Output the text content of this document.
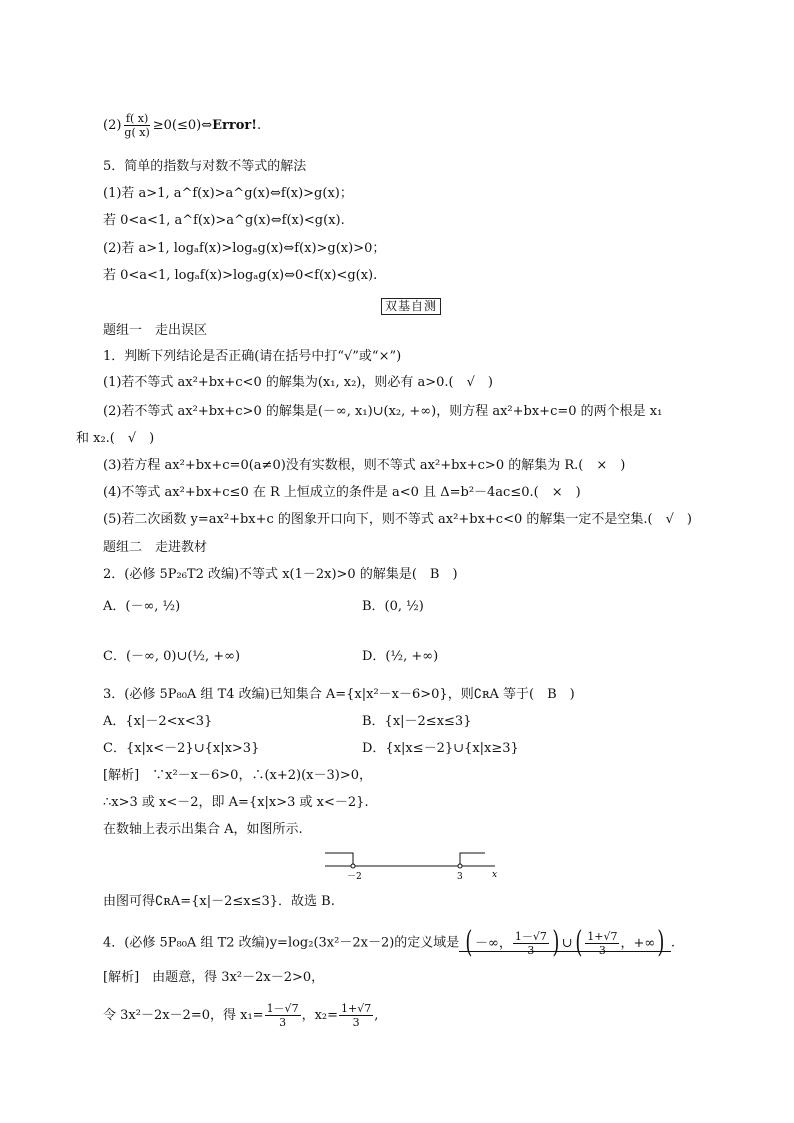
$(2) \frac{f( x)}{g( x)}$ ≥0(≤0)⇔Error!.
5．简单的指数与对数不等式的解法
(1)若 a>1, a^f(x)>a^g(x)⇔f(x)>g(x)；
若 0<a<1, a^f(x)>a^g(x)⇔f(x)<g(x).
(2)若 a>1, logₐf(x)>logₐg(x)⇔f(x)>g(x)>0；
若 0<a<1, logₐf(x)>logₐg(x)⇔0<f(x)<g(x).
双基自测
题组一　走出误区
1．判断下列结论是否正确(请在括号中打“√”或“×”)
(1)若不等式 ax²+bx+c<0 的解集为(x₁, x₂)，则必有 a>0.(　√　)
(2)若不等式 ax²+bx+c>0 的解集是(－∞, x₁)∪(x₂, +∞)，则方程 ax²+bx+c=0 的两个根是 x₁
和 x₂.(　√　)
(3)若方程 ax²+bx+c=0(a≠0)没有实数根，则不等式 ax²+bx+c>0 的解集为 R.(　×　)
(4)不等式 ax²+bx+c≤0 在 R 上恒成立的条件是 a<0 且 Δ=b²－4ac≤0.(　×　)
(5)若二次函数 y=ax²+bx+c 的图象开口向下，则不等式 ax²+bx+c<0 的解集一定不是空集.(　√　)
题组二　走进教材
2．(必修 5P₂₆T2 改编)不等式 x(1－2x)>0 的解集是(　B　)
A．(－∞, ½)	B．(0, ½)
C．(－∞, 0)∪(½, +∞)	D．(½, +∞)
3．(必修 5P₈₀A 组 T4 改编)已知集合 A={x|x²－x－6>0}，则∁ʀA 等于(　B　)
A．{x|－2<x<3}	B．{x|－2≤x≤3}
C．{x|x<－2}∪{x|x>3}	D．{x|x≤－2}∪{x|x≥3}
[解析]　∵x²－x－6>0，∴(x+2)(x－3)>0，
∴x>3 或 x<－2，即 A={x|x>3 或 x<－2}.
在数轴上表示出集合 A，如图所示.
－2	3	x
由图可得∁ʀA={x|－2≤x≤3}．故选 B.
4．(必修 5P₈₀A 组 T2 改编)y=log₂(3x²－2x－2)的定义域是 ( －∞， $\frac{1-√7}{3}$ ) ∪( $\frac{1+√7}{3}$ ，+∞) .
[解析]　由题意，得 3x²－2x－2>0，
令 3x²－2x－2=0，得 $x_1= \frac{1-√7}{3}$ ，$x_2= \frac{1+√7}{3}$ ,
